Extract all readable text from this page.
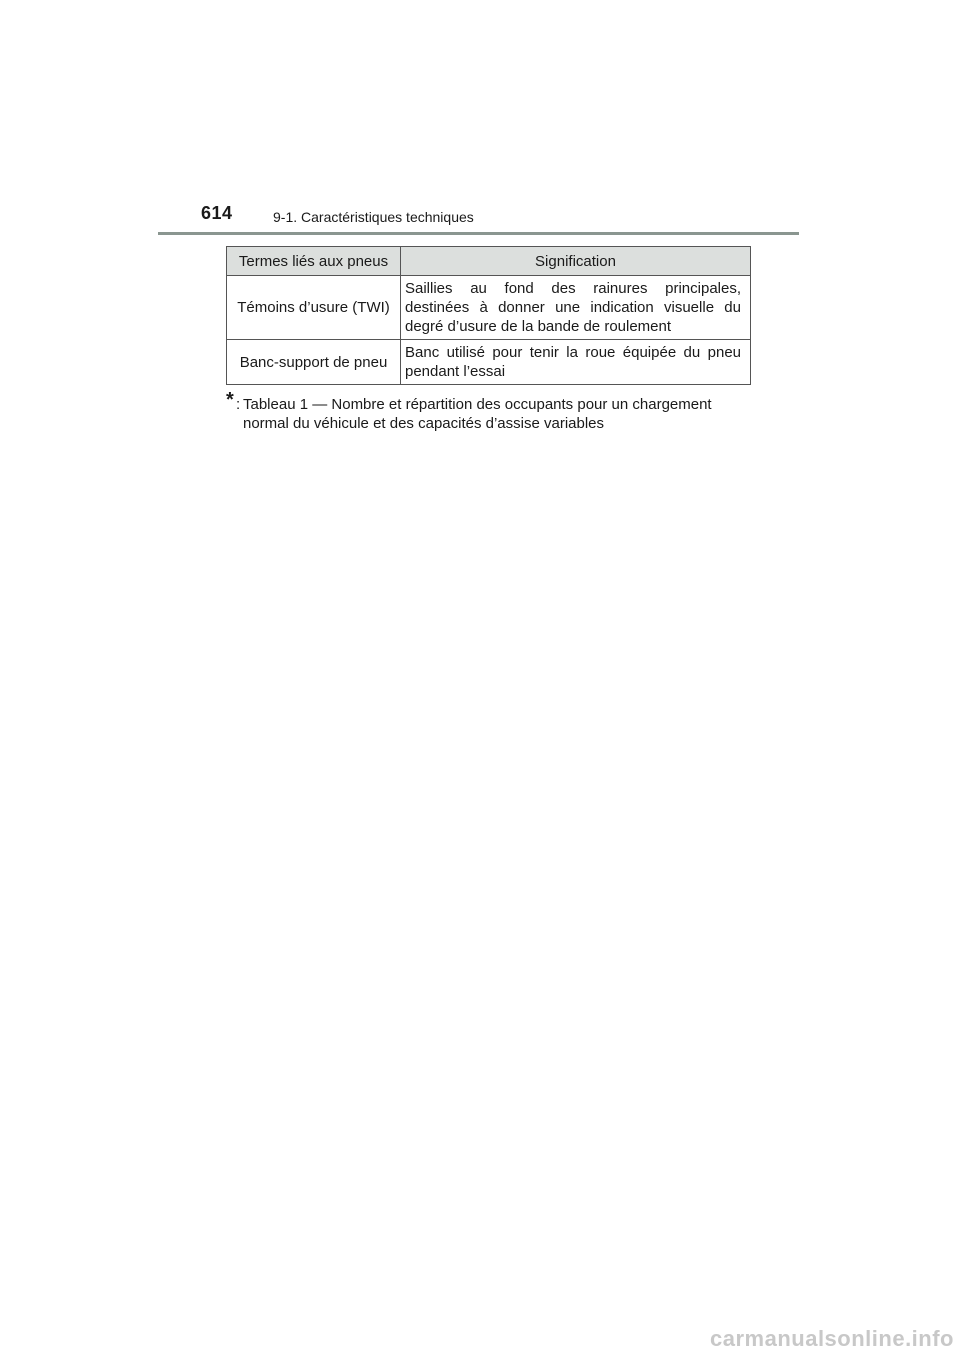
614	9-1. Caractéristiques techniques
Termes liés aux pneus	Signification
Témoins d’usure (TWI)	Saillies au fond des rainures principales, destinées à donner une indication visuelle du degré d’usure de la bande de roulement
Banc-support de pneu	Banc utilisé pour tenir la roue équipée du pneu pendant l’essai
* : Tableau 1 — Nombre et répartition des occupants pour un chargement
normal du véhicule et des capacités d’assise variables
carmanualsonline.info
